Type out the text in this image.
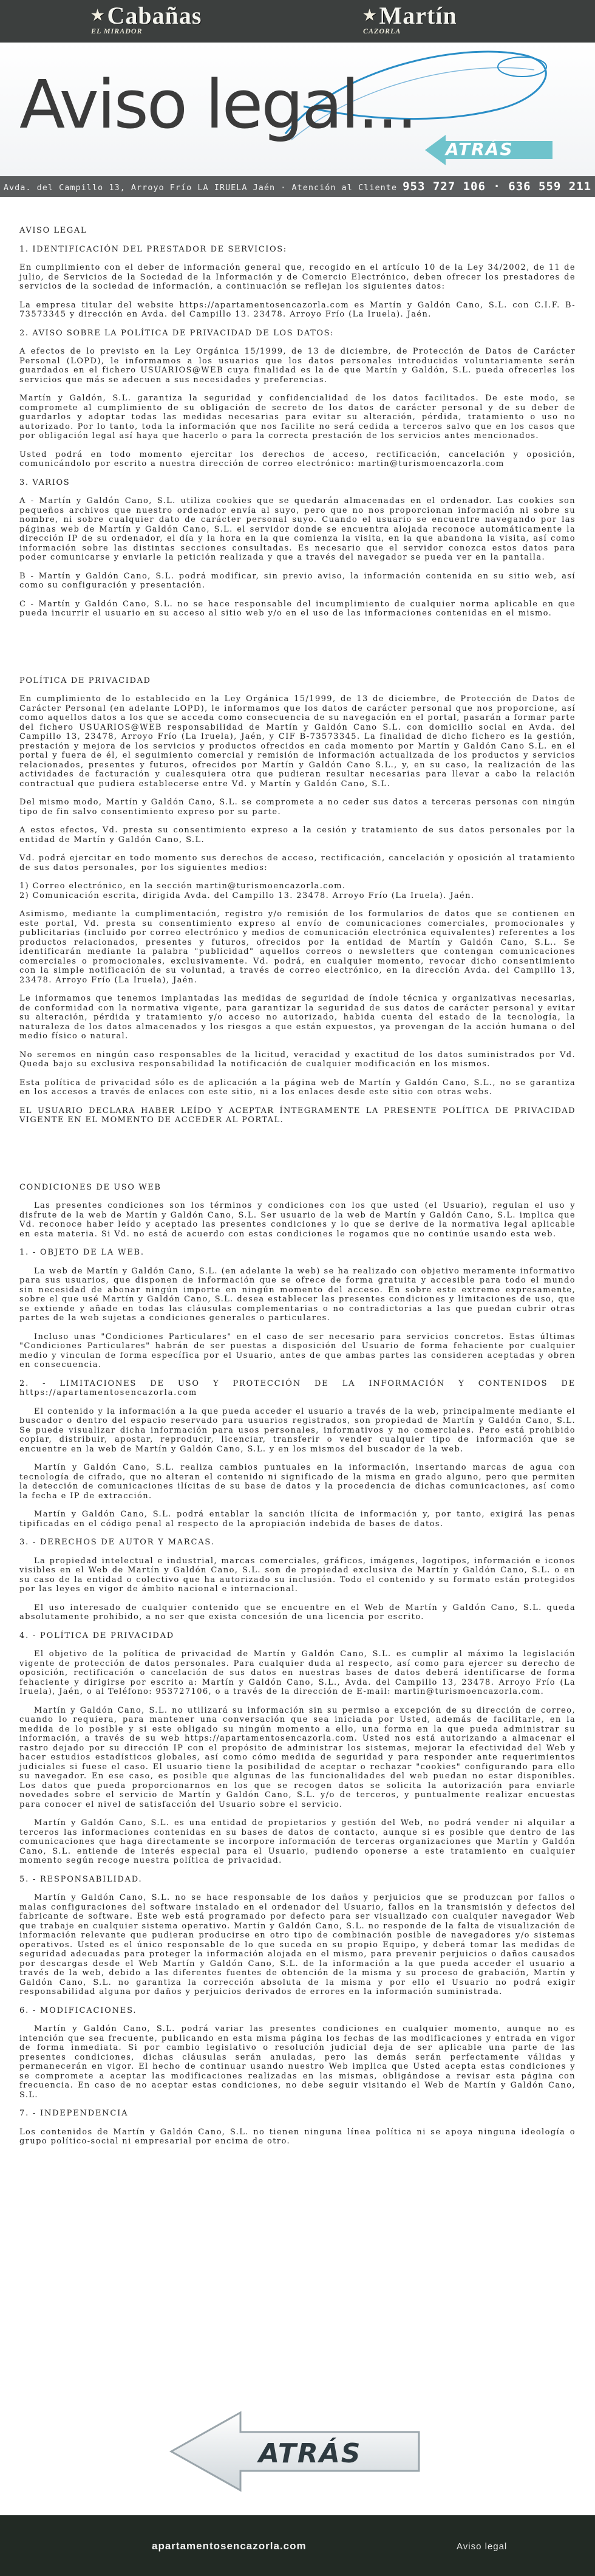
★ Cabañas
EL MIRADOR
★ Martín
CAZORLA
Aviso legal...
ATRÁS
Avda. del Campillo 13, Arroyo Frío LA IRUELA Jaén · Atención al Cliente 953 727 106 · 636 559 211

AVISO LEGAL

1. IDENTIFICACIÓN DEL PRESTADOR DE SERVICIOS:

En cumplimiento con el deber de información general que, recogido en el artículo 10 de la Ley 34/2002, de 11 de julio, de Servicios de la Sociedad de la Información y de Comercio Electrónico, deben ofrecer los prestadores de servicios de la sociedad de información, a continuación se reflejan los siguientes datos:

La empresa titular del website https://apartamentosencazorla.com es Martín y Galdón Cano, S.L. con C.I.F. B-73573345 y dirección en Avda. del Campillo 13. 23478. Arroyo Frío (La Iruela). Jaén.

2. AVISO SOBRE LA POLÍTICA DE PRIVACIDAD DE LOS DATOS:

A efectos de lo previsto en la Ley Orgánica 15/1999, de 13 de diciembre, de Protección de Datos de Carácter Personal (LOPD), le informamos a los usuarios que los datos personales introducidos voluntariamente serán guardados en el fichero USUARIOS@WEB cuya finalidad es la de que Martín y Galdón, S.L. pueda ofrecerles los servicios que más se adecuen a sus necesidades y preferencias.

Martín y Galdón, S.L. garantiza la seguridad y confidencialidad de los datos facilitados. De este modo, se compromete al cumplimiento de su obligación de secreto de los datos de carácter personal y de su deber de guardarlos y adoptar todas las medidas necesarias para evitar su alteración, pérdida, tratamiento o uso no autorizado. Por lo tanto, toda la información que nos facilite no será cedida a terceros salvo que en los casos que por obligación legal así haya que hacerlo o para la correcta prestación de los servicios antes mencionados.

Usted podrá en todo momento ejercitar los derechos de acceso, rectificación, cancelación y oposición, comunicándolo por escrito a nuestra dirección de correo electrónico: martin@turismoencazorla.com

3. VARIOS

A - Martín y Galdón Cano, S.L. utiliza cookies que se quedarán almacenadas en el ordenador. Las cookies son pequeños archivos que nuestro ordenador envía al suyo, pero que no nos proporcionan información ni sobre su nombre, ni sobre cualquier dato de carácter personal suyo. Cuando el usuario se encuentre navegando por las páginas web de Martín y Galdón Cano, S.L. el servidor donde se encuentra alojada reconoce automáticamente la dirección IP de su ordenador, el día y la hora en la que comienza la visita, en la que abandona la visita, así como información sobre las distintas secciones consultadas. Es necesario que el servidor conozca estos datos para poder comunicarse y enviarle la petición realizada y que a través del navegador se pueda ver en la pantalla.

B - Martín y Galdón Cano, S.L. podrá modificar, sin previo aviso, la información contenida en su sitio web, así como su configuración y presentación.

C - Martín y Galdón Cano, S.L. no se hace responsable del incumplimiento de cualquier norma aplicable en que pueda incurrir el usuario en su acceso al sitio web y/o en el uso de las informaciones contenidas en el mismo.

POLÍTICA DE PRIVACIDAD

En cumplimiento de lo establecido en la Ley Orgánica 15/1999, de 13 de diciembre, de Protección de Datos de Carácter Personal (en adelante LOPD), le informamos que los datos de carácter personal que nos proporcione, así como aquellos datos a los que se acceda como consecuencia de su navegación en el portal, pasarán a formar parte del fichero USUARIOS@WEB responsabilidad de Martín y Galdón Cano S.L. con domicilio social en Avda. del Campillo 13, 23478, Arroyo Frío (La Iruela), Jaén, y CIF B-73573345. La finalidad de dicho fichero es la gestión, prestación y mejora de los servicios y productos ofrecidos en cada momento por Martín y Galdón Cano S.L. en el portal y fuera de él, el seguimiento comercial y remisión de información actualizada de los productos y servicios relacionados, presentes y futuros, ofrecidos por Martín y Galdón Cano S.L., y, en su caso, la realización de las actividades de facturación y cualesquiera otra que pudieran resultar necesarias para llevar a cabo la relación contractual que pudiera establecerse entre Vd. y Martín y Galdón Cano, S.L.

Del mismo modo, Martín y Galdón Cano, S.L. se compromete a no ceder sus datos a terceras personas con ningún tipo de fin salvo consentimiento expreso por su parte.

A estos efectos, Vd. presta su consentimiento expreso a la cesión y tratamiento de sus datos personales por la entidad de Martín y Galdón Cano, S.L.

Vd. podrá ejercitar en todo momento sus derechos de acceso, rectificación, cancelación y oposición al tratamiento de sus datos personales, por los siguientes medios:

1) Correo electrónico, en la sección martin@turismoencazorla.com.

2) Comunicación escrita, dirigida Avda. del Campillo 13. 23478. Arroyo Frío (La Iruela). Jaén.

Asimismo, mediante la cumplimentación, registro y/o remisión de los formularios de datos que se contienen en este portal, Vd. presta su consentimiento expreso al envío de comunicaciones comerciales, promocionales y publicitarias (incluido por correo electrónico y medios de comunicación electrónica equivalentes) referentes a los productos relacionados, presentes y futuros, ofrecidos por la entidad de Martín y Galdón Cano, S.L.. Se identificarán mediante la palabra "publicidad" aquellos correos o newsletters que contengan comunicaciones comerciales o promocionales, exclusivamente. Vd. podrá, en cualquier momento, revocar dicho consentimiento con la simple notificación de su voluntad, a través de correo electrónico, en la dirección Avda. del Campillo 13, 23478. Arroyo Frío (La Iruela), Jaén.

Le informamos que tenemos implantadas las medidas de seguridad de índole técnica y organizativas necesarias, de conformidad con la normativa vigente, para garantizar la seguridad de sus datos de carácter personal y evitar su alteración, pérdida y tratamiento y/o acceso no autorizado, habida cuenta del estado de la tecnología, la naturaleza de los datos almacenados y los riesgos a que están expuestos, ya provengan de la acción humana o del medio físico o natural.

No seremos en ningún caso responsables de la licitud, veracidad y exactitud de los datos suministrados por Vd. Queda bajo su exclusiva responsabilidad la notificación de cualquier modificación en los mismos.

Esta política de privacidad sólo es de aplicación a la página web de Martín y Galdón Cano, S.L., no se garantiza en los accesos a través de enlaces con este sitio, ni a los enlaces desde este sitio con otras webs.

EL USUARIO DECLARA HABER LEÍDO Y ACEPTAR ÍNTEGRAMENTE LA PRESENTE POLÍTICA DE PRIVACIDAD VIGENTE EN EL MOMENTO DE ACCEDER AL PORTAL.

CONDICIONES DE USO WEB

Las presentes condiciones son los términos y condiciones con los que usted (el Usuario), regulan el uso y disfrute de la web de Martín y Galdón Cano, S.L. Ser usuario de la web de Martín y Galdón Cano, S.L. implica que Vd. reconoce haber leído y aceptado las presentes condiciones y lo que se derive de la normativa legal aplicable en esta materia. Si Vd. no está de acuerdo con estas condiciones le rogamos que no continúe usando esta web.

1. - OBJETO DE LA WEB.

La web de Martín y Galdón Cano, S.L. (en adelante la web) se ha realizado con objetivo meramente informativo para sus usuarios, que disponen de información que se ofrece de forma gratuita y accesible para todo el mundo sin necesidad de abonar ningún importe en ningún momento del acceso. En sobre este extremo expresamente, sobre el que usé Martín y Galdón Cano, S.L. desea establecer las presentes condiciones y limitaciones de uso, que se extiende y añade en todas las cláusulas complementarias o no contradictorias a las que puedan cubrir otras partes de la web sujetas a condiciones generales o particulares.

Incluso unas "Condiciones Particulares" en el caso de ser necesario para servicios concretos. Estas últimas "Condiciones Particulares" habrán de ser puestas a disposición del Usuario de forma fehaciente por cualquier medio y vinculan de forma específica por el Usuario, antes de que ambas partes las consideren aceptadas y obren en consecuencia.

2. - LIMITACIONES DE USO Y PROTECCIÓN DE LA INFORMACIÓN Y CONTENIDOS DE https://apartamentosencazorla.com

El contenido y la información a la que pueda acceder el usuario a través de la web, principalmente mediante el buscador o dentro del espacio reservado para usuarios registrados, son propiedad de Martín y Galdón Cano, S.L. Se puede visualizar dicha información para usos personales, informativos y no comerciales. Pero está prohibido copiar, distribuir, apostar, reproducir, licenciar, transferir o vender cualquier tipo de información que se encuentre en la web de Martín y Galdón Cano, S.L. y en los mismos del buscador de la web.

Martín y Galdón Cano, S.L. realiza cambios puntuales en la información, insertando marcas de agua con tecnología de cifrado, que no alteran el contenido ni significado de la misma en grado alguno, pero que permiten la detección de comunicaciones ilícitas de su base de datos y la procedencia de dichas comunicaciones, así como la fecha e IP de extracción.

Martín y Galdón Cano, S.L. podrá entablar la sanción ilícita de información y, por tanto, exigirá las penas tipificadas en el código penal al respecto de la apropiación indebida de bases de datos.

3. - DERECHOS DE AUTOR Y MARCAS.

La propiedad intelectual e industrial, marcas comerciales, gráficos, imágenes, logotipos, información e iconos visibles en el Web de Martín y Galdón Cano, S.L. son de propiedad exclusiva de Martín y Galdón Cano, S.L. o en su caso de la entidad o colectivo que ha autorizado su inclusión. Todo el contenido y su formato están protegidos por las leyes en vigor de ámbito nacional e internacional.

El uso interesado de cualquier contenido que se encuentre en el Web de Martín y Galdón Cano, S.L. queda absolutamente prohibido, a no ser que exista concesión de una licencia por escrito.

4. - POLÍTICA DE PRIVACIDAD

El objetivo de la política de privacidad de Martín y Galdón Cano, S.L. es cumplir al máximo la legislación vigente de protección de datos personales. Para cualquier duda al respecto, así como para ejercer su derecho de oposición, rectificación o cancelación de sus datos en nuestras bases de datos deberá identificarse de forma fehaciente y dirigirse por escrito a: Martín y Galdón Cano, S.L., Avda. del Campillo 13, 23478. Arroyo Frío (La Iruela), Jaén, o al Teléfono: 953727106, o a través de la dirección de E-mail: martin@turismoencazorla.com.

Martín y Galdón Cano, S.L. no utilizará su información sin su permiso a excepción de su dirección de correo, cuando lo requiera, para mantener una conversación que sea iniciada por Usted, además de facilitarle, en la medida de lo posible y si este obligado su ningún momento a ello, una forma en la que pueda administrar su información, a través de su web https://apartamentosencazorla.com. Usted nos está autorizando a almacenar el rastro dejado por su dirección IP con el propósito de administrar los sistemas, mejorar la efectividad del Web y hacer estudios estadísticos globales, así como cómo medida de seguridad y para responder ante requerimientos judiciales si fuese el caso. El usuario tiene la posibilidad de aceptar o rechazar "cookies" configurando para ello su navegador. En ese caso, es posible que algunas de las funcionalidades del web puedan no estar disponibles. Los datos que pueda proporcionarnos en los que se recogen datos se solicita la autorización para enviarle novedades sobre el servicio de Martín y Galdón Cano, S.L. y/o de terceros, y puntualmente realizar encuestas para conocer el nivel de satisfacción del Usuario sobre el servicio.

Martín y Galdón Cano, S.L. es una entidad de propietarios y gestión del Web, no podrá vender ni alquilar a terceros las informaciones contenidas en su bases de datos de contacto, aunque si es posible que dentro de las comunicaciones que haga directamente se incorpore información de terceras organizaciones que Martín y Galdón Cano, S.L. entiende de interés especial para el Usuario, pudiendo oponerse a este tratamiento en cualquier momento según recoge nuestra política de privacidad.

5. - RESPONSABILIDAD.

Martín y Galdón Cano, S.L. no se hace responsable de los daños y perjuicios que se produzcan por fallos o malas configuraciones del software instalado en el ordenador del Usuario, fallos en la transmisión y defectos del fabricante de software. Este web está programado por defecto para ser visualizado con cualquier navegador Web que trabaje en cualquier sistema operativo. Martín y Galdón Cano, S.L. no responde de la falta de visualización de información relevante que pudieran producirse en otro tipo de combinación posible de navegadores y/o sistemas operativos. Usted es el único responsable de lo que suceda en su propio Equipo, y deberá tomar las medidas de seguridad adecuadas para proteger la información alojada en el mismo, para prevenir perjuicios o daños causados por descargas desde el Web Martín y Galdón Cano, S.L. de la información a la que pueda acceder el usuario a través de la web, debido a las diferentes fuentes de obtención de la misma y su proceso de grabación, Martín y Galdón Cano, S.L. no garantiza la corrección absoluta de la misma y por ello el Usuario no podrá exigir responsabilidad alguna por daños y perjuicios derivados de errores en la información suministrada.

6. - MODIFICACIONES.

Martín y Galdón Cano, S.L. podrá variar las presentes condiciones en cualquier momento, aunque no es intención que sea frecuente, publicando en esta misma página los fechas de las modificaciones y entrada en vigor de forma inmediata. Si por cambio legislativo o resolución judicial deja de ser aplicable una parte de las presentes condiciones, dichas cláusulas serán anuladas, pero las demás serán perfectamente válidas y permanecerán en vigor. El hecho de continuar usando nuestro Web implica que Usted acepta estas condiciones y se compromete a aceptar las modificaciones realizadas en las mismas, obligándose a revisar esta página con frecuencia. En caso de no aceptar estas condiciones, no debe seguir visitando el Web de Martín y Galdón Cano, S.L.

7. - INDEPENDENCIA

Los contenidos de Martín y Galdón Cano, S.L. no tienen ninguna línea política ni se apoya ninguna ideología o grupo político-social ni empresarial por encima de otro.

ATRÁS
apartamentosencazorla.com	Aviso legal
